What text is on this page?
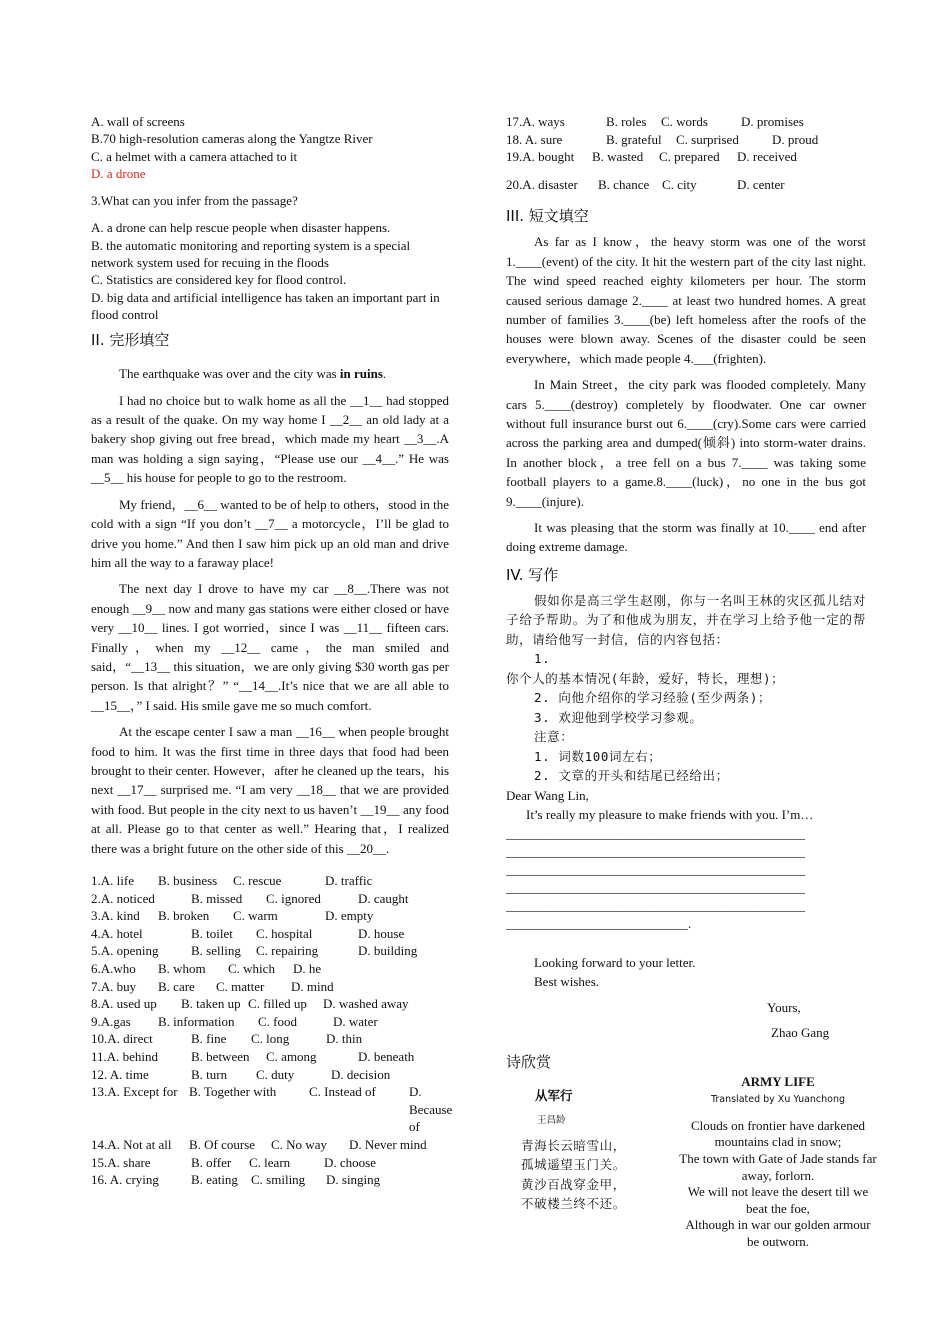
A. wall of screens
B.70 high-resolution cameras along the Yangtze River
C. a helmet with a camera attached to it
D. a drone
3.What can you infer from the passage?
A. a drone can help rescue people when disaster happens.
B. the automatic monitoring and reporting system is a special network system used for recuing in the floods
C. Statistics are considered key for flood control.
D. big data and artificial intelligence has taken an important part in flood control
II. 完形填空

The earthquake was over and the city was in ruins.

I had no choice but to walk home as all the __1__ had stopped as a result of the quake. On my way home I __2__ an old lady at a bakery shop giving out free bread，which made my heart __3__.A man was holding a sign saying，“Please use our __4__.” He was __5__ his house for people to go to the restroom.

My friend，__6__ wanted to be of help to others，stood in the cold with a sign “If you don’t __7__ a motorcycle，I’ll be glad to drive you home.” And then I saw him pick up an old man and drive him all the way to a faraway place!

The next day I drove to have my car __8__.There was not enough __9__ now and many gas stations were either closed or have very __10__ lines. I got worried，since I was __11__ fifteen cars. Finally，when my __12__ came，the man smiled and said，“__13__ this situation，we are only giving $30 worth gas per person. Is that alright？” “__14__.It’s nice that we are all able to __15__，” I said. His smile gave me so much comfort.

At the escape center I saw a man __16__ when people brought food to him. It was the first time in three days that food had been brought to their center. However，after he cleaned up the tears，his next __17__ surprised me. “I am very __18__ that we are provided with food. But people in the city next to us haven’t __19__ any food at all. Please go to that center as well.” Hearing that，I realized there was a bright future on the other side of this __20__.

1.A. life	B. business	C. rescue	D. traffic
2.A. noticed	B. missed	C. ignored	D. caught
3.A. kind	B. broken	C. warm	D. empty
4.A. hotel	B. toilet	C. hospital	D. house
5.A. opening	B. selling	C. repairing	D. building
6.A.who	B. whom	C. which	D. he
7.A. buy	B. care	C. matter	D. mind
8.A. used up	B. taken up C. filled up	D. washed away
9.A.gas	B. information	C. food	D. water
10.A. direct	B. fine	C. long	D. thin
11.A. behind	B. between	C. among	D. beneath
12. A. time	B. turn	C. duty	D. decision
13.A. Except for B. Together with	C. Instead of	D. Because of
14.A. Not at all	B. Of course	C. No way	D. Never mind
15.A. share	B. offer	C. learn	D. choose
16. A. crying	B. eating	C. smiling	D. singing
17.A. ways	B. roles	C. words	D. promises
18. A. sure	B. grateful	C. surprised	D. proud
19.A. bought	B. wasted	C. prepared	D. received
20.A. disaster	B. chance C. city	D. center
III. 短文填空

As far as I know，the heavy storm was one of the worst 1.____(event) of the city. It hit the western part of the city last night. The wind speed reached eighty kilometers per hour. The storm caused serious damage 2.____ at least two hundred homes. A great number of families 3.____(be) left homeless after the roofs of the houses were blown away. Scenes of the disaster could be seen everywhere，which made people 4.___(frighten).

In Main Street，the city park was flooded completely. Many cars 5.____(destroy) completely by floodwater. One car owner without full insurance burst out 6.____(cry).Some cars were carried across the parking area and dumped(倾斜) into storm-water drains. In another block，a tree fell on a bus 7.____ was taking some football players to a game.8.____(luck)，no one in the bus got 9.____(injure).

It was pleasing that the storm was finally at 10.____ end after doing extreme damage.

IV. 写作
假如你是高三学生赵刚，你与一名叫王林的灾区孤儿结对子给予帮助。为了和他成为朋友，并在学习上给予他一定的帮助，请给他写一封信，信的内容包括：
1.
你个人的基本情况(年龄，爱好，特长，理想)；
2. 向他介绍你的学习经验(至少两条)；
3. 欢迎他到学校学习参观。
注意：
1. 词数100词左右；
2. 文章的开头和结尾已经给出；
Dear Wang Lin,
It’s really my pleasure to make friends with you. I’m…
______________________________________________
______________________________________________
______________________________________________
______________________________________________
______________________________________________
____________________________.
Looking forward to your letter.
Best wishes.
Yours,
Zhao Gang
诗欣赏
从军行
王昌龄
青海长云暗雪山，
孤城遥望玉门关。
黄沙百战穿金甲，
不破楼兰终不还。
ARMY LIFE
Translated by Xu Yuanchong
Clouds on frontier have darkened
mountains clad in snow;
The town with Gate of Jade stands far
away, forlorn.
We will not leave the desert till we
beat the foe,
Although in war our golden armour
be outworn.
